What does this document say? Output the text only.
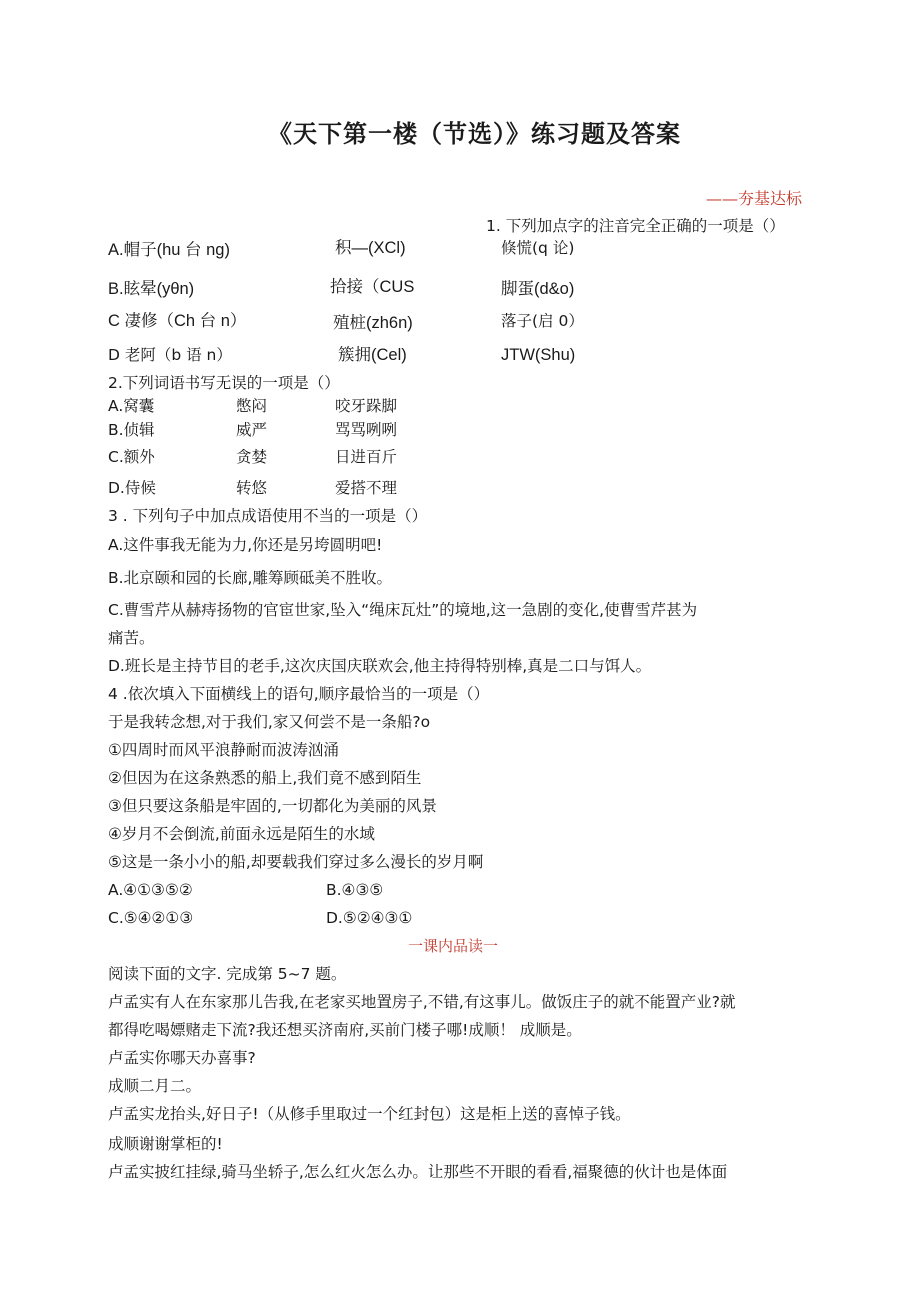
《天下第一楼（节选）》练习题及答案
——夯基达标
1. 下列加点字的注音完全正确的一项是（）
A.帽子(hu 台 ng)	积—(XCl)	倏慌(q 论)
B.眩晕(yθn)	拾接（CUS	脚蛋(d&o)
C 凄修（Ch 台 n）	殖桩(zh6n)	落子(启 0）
D 老阿（b 语 n）	簇拥(Cel)	JTW(Shu)
2.下列词语书写无误的一项是（）
A.窝囊	憋闷	咬牙跺脚
B.侦辑	威严	骂骂咧咧
C.额外	贪婪	日进百斤
D.侍候	转悠	爱搭不理
3 . 下列句子中加点成语使用不当的一项是（）
A.这件事我无能为力,你还是另垮圆明吧!
B.北京颐和园的长廊,雕筹顾砥美不胜收。
C.曹雪芹从赫痔扬物的官宦世家,坠入“绳床瓦灶”的境地,这一急剧的变化,使曹雪芹甚为
痛苦。
D.班长是主持节目的老手,这次庆国庆联欢会,他主持得特别棒,真是二口与饵人。
4 .依次填入下面横线上的语句,顺序最恰当的一项是（）
于是我转念想,对于我们,家又何尝不是一条船?o
①四周时而风平浪静耐而波涛汹涌
②但因为在这条熟悉的船上,我们竟不感到陌生
③但只要这条船是牢固的,一切都化为美丽的风景
④岁月不会倒流,前面永远是陌生的水域
⑤这是一条小小的船,却要载我们穿过多么漫长的岁月啊
A.④①③⑤②	B.④③⑤
C.⑤④②①③	D.⑤②④③①
一课内品读一
阅读下面的文字. 完成第 5~7 题。
卢孟实有人在东家那儿告我,在老家买地置房子,不错,有这事儿。做饭庄子的就不能置产业?就
都得吃喝嫖赌走下流?我还想买济南府,买前门楼子哪!成顺！ 成顺是。
卢孟实你哪天办喜事?
成顺二月二。
卢孟实龙抬头,好日子!（从修手里取过一个红封包）这是柜上送的喜悼子钱。
成顺谢谢掌柜的!
卢孟实披红挂绿,骑马坐轿子,怎么红火怎么办。让那些不开眼的看看,福聚德的伙计也是体面
